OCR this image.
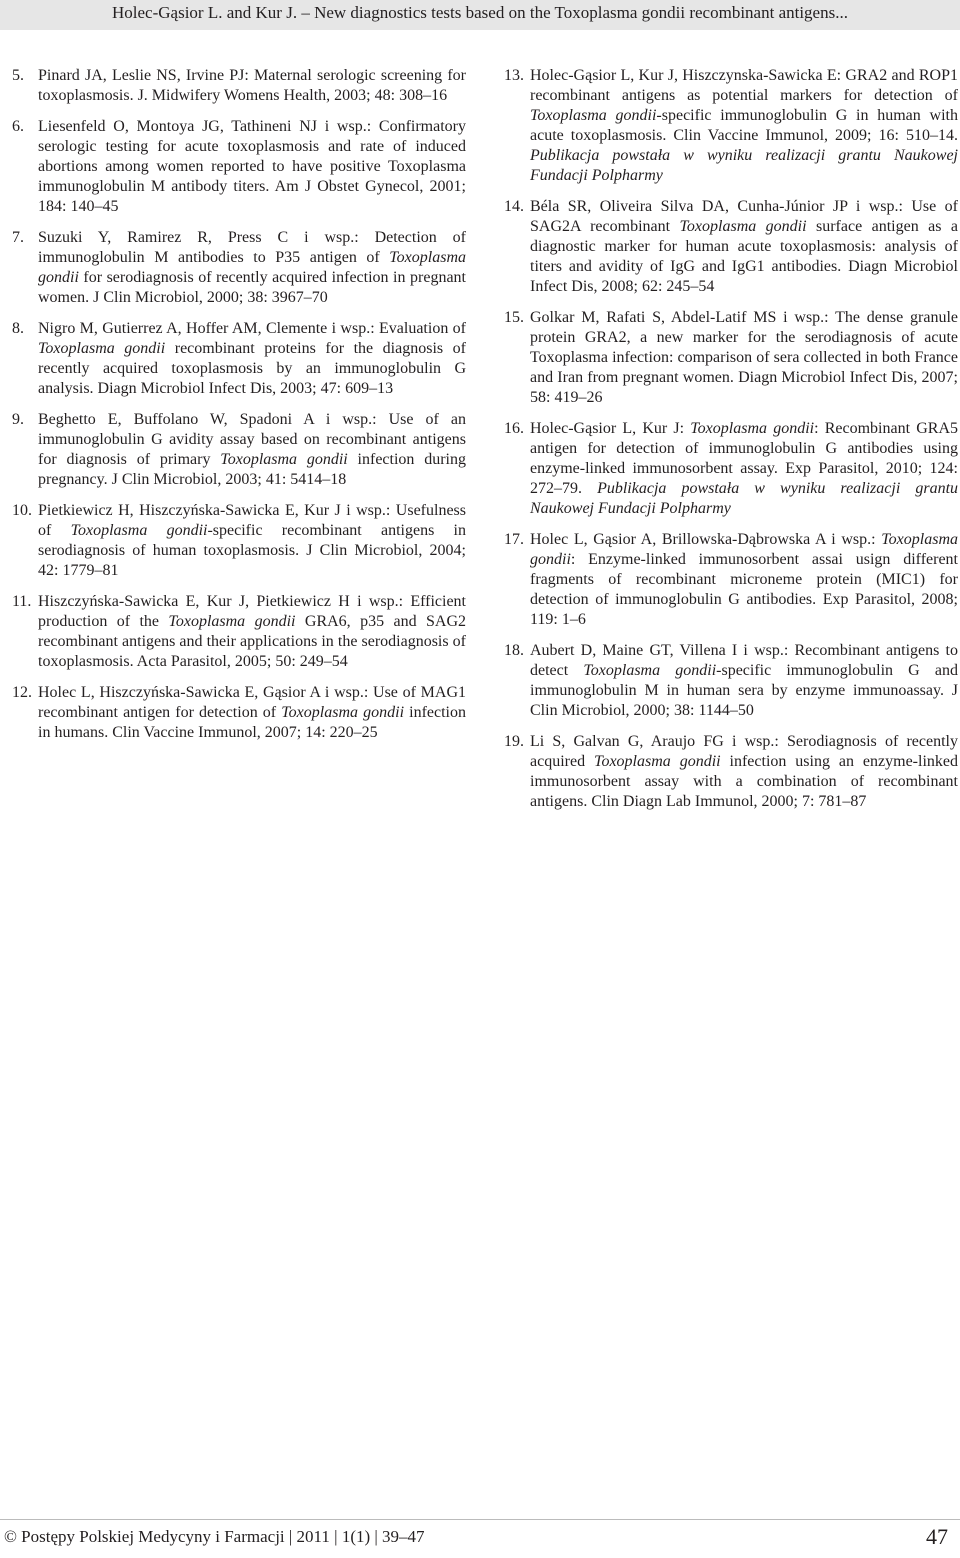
Holec-Gąsior L. and Kur J. – New diagnostics tests based on the Toxoplasma gondii recombinant antigens...
5. Pinard JA, Leslie NS, Irvine PJ: Maternal serologic screening for toxoplasmosis. J. Midwifery Womens Health, 2003; 48: 308–16
6. Liesenfeld O, Montoya JG, Tathineni NJ i wsp.: Confirmatory serologic testing for acute toxoplasmosis and rate of induced abortions among women reported to have positive Toxoplasma immunoglobulin M antibody titers. Am J Obstet Gynecol, 2001; 184: 140–45
7. Suzuki Y, Ramirez R, Press C i wsp.: Detection of immunoglobulin M antibodies to P35 antigen of Toxoplasma gondii for serodiagnosis of recently acquired infection in pregnant women. J Clin Microbiol, 2000; 38: 3967–70
8. Nigro M, Gutierrez A, Hoffer AM, Clemente i wsp.: Evaluation of Toxoplasma gondii recombinant proteins for the diagnosis of recently acquired toxoplasmosis by an immunoglobulin G analysis. Diagn Microbiol Infect Dis, 2003; 47: 609–13
9. Beghetto E, Buffolano W, Spadoni A i wsp.: Use of an immunoglobulin G avidity assay based on recombinant antigens for diagnosis of primary Toxoplasma gondii infection during pregnancy. J Clin Microbiol, 2003; 41: 5414–18
10. Pietkiewicz H, Hiszczyńska-Sawicka E, Kur J i wsp.: Usefulness of Toxoplasma gondii-specific recombinant antigens in serodiagnosis of human toxoplasmosis. J Clin Microbiol, 2004; 42: 1779–81
11. Hiszczyńska-Sawicka E, Kur J, Pietkiewicz H i wsp.: Efficient production of the Toxoplasma gondii GRA6, p35 and SAG2 recombinant antigens and their applications in the serodiagnosis of toxoplasmosis. Acta Parasitol, 2005; 50: 249–54
12. Holec L, Hiszczyńska-Sawicka E, Gąsior A i wsp.: Use of MAG1 recombinant antigen for detection of Toxoplasma gondii infection in humans. Clin Vaccine Immunol, 2007; 14: 220–25
13. Holec-Gąsior L, Kur J, Hiszczynska-Sawicka E: GRA2 and ROP1 recombinant antigens as potential markers for detection of Toxoplasma gondii-specific immunoglobulin G in human with acute toxoplasmosis. Clin Vaccine Immunol, 2009; 16: 510–14. Publikacja powstała w wyniku realizacji grantu Naukowej Fundacji Polpharmy
14. Béla SR, Oliveira Silva DA, Cunha-Júnior JP i wsp.: Use of SAG2A recombinant Toxoplasma gondii surface antigen as a diagnostic marker for human acute toxoplasmosis: analysis of titers and avidity of IgG and IgG1 antibodies. Diagn Microbiol Infect Dis, 2008; 62: 245–54
15. Golkar M, Rafati S, Abdel-Latif MS i wsp.: The dense granule protein GRA2, a new marker for the serodiagnosis of acute Toxoplasma infection: comparison of sera collected in both France and Iran from pregnant women. Diagn Microbiol Infect Dis, 2007; 58: 419–26
16. Holec-Gąsior L, Kur J: Toxoplasma gondii: Recombinant GRA5 antigen for detection of immunoglobulin G antibodies using enzyme-linked immunosorbent assay. Exp Parasitol, 2010; 124: 272–79. Publikacja powstała w wyniku realizacji grantu Naukowej Fundacji Polpharmy
17. Holec L, Gąsior A, Brillowska-Dąbrowska A i wsp.: Toxoplasma gondii: Enzyme-linked immunosorbent assai usign different fragments of recombinant microneme protein (MIC1) for detection of immunoglobulin G antibodies. Exp Parasitol, 2008; 119: 1–6
18. Aubert D, Maine GT, Villena I i wsp.: Recombinant antigens to detect Toxoplasma gondii-specific immunoglobulin G and immunoglobulin M in human sera by enzyme immunoassay. J Clin Microbiol, 2000; 38: 1144–50
19. Li S, Galvan G, Araujo FG i wsp.: Serodiagnosis of recently acquired Toxoplasma gondii infection using an enzyme-linked immunosorbent assay with a combination of recombinant antigens. Clin Diagn Lab Immunol, 2000; 7: 781–87
© Postępy Polskiej Medycyny i Farmacji | 2011 | 1(1) | 39–47	47
